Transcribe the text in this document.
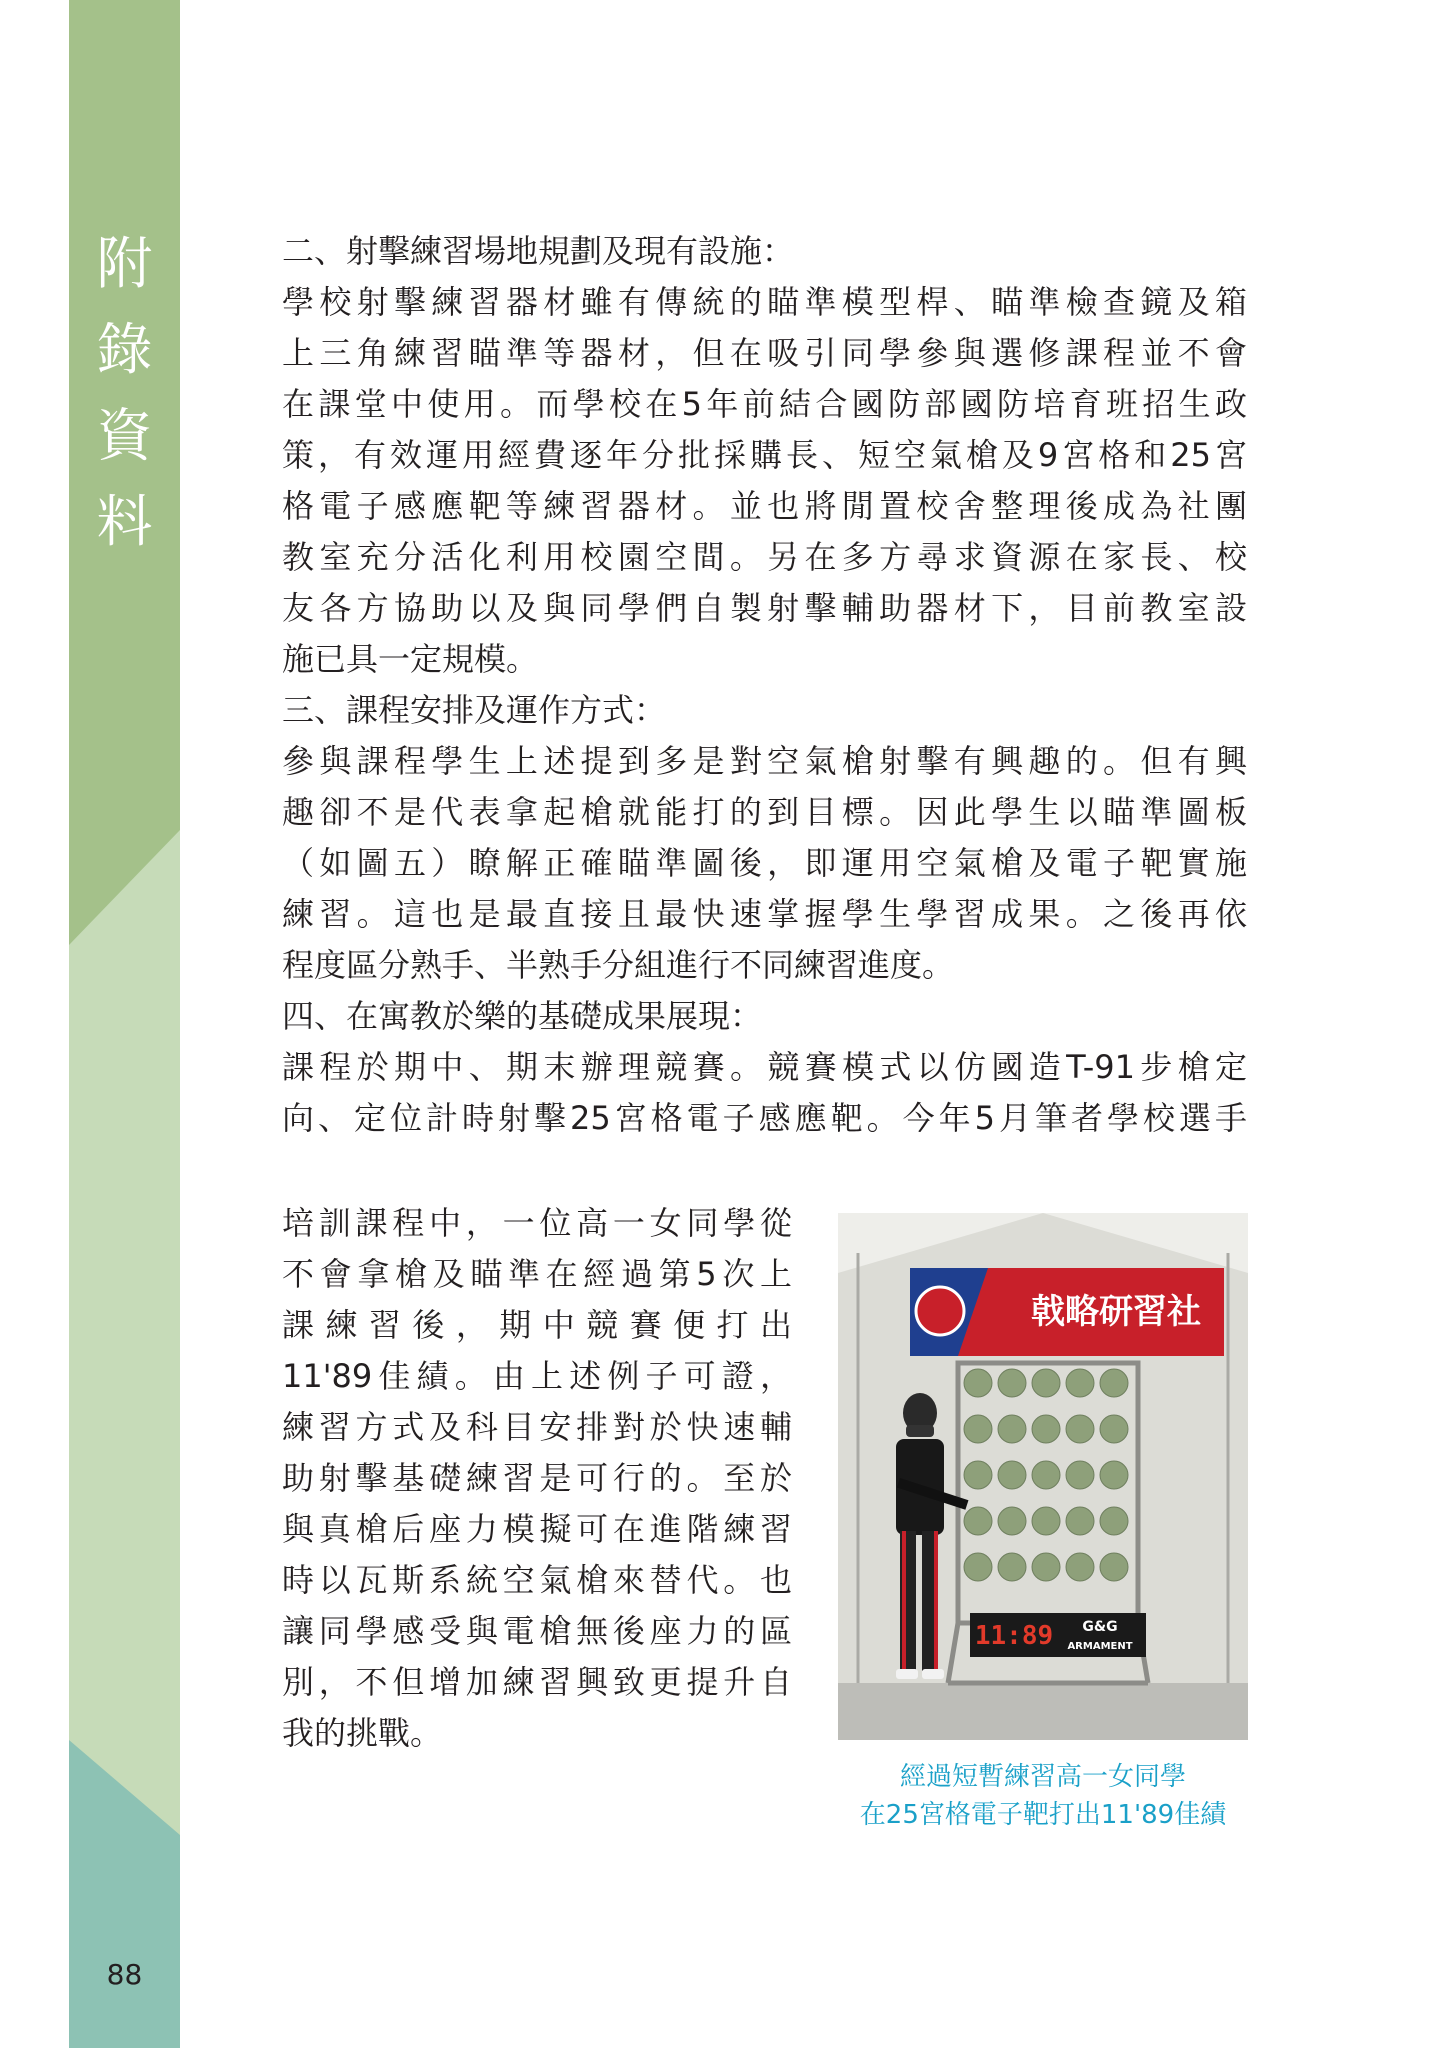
附
錄
資
料
88

二、射擊練習場地規劃及現有設施：

學校射擊練習器材雖有傳統的瞄準模型桿、瞄準檢查鏡及箱

上三角練習瞄準等器材，但在吸引同學參與選修課程並不會

在課堂中使用。而學校在5年前結合國防部國防培育班招生政

策，有效運用經費逐年分批採購長、短空氣槍及9宮格和25宮

格電子感應靶等練習器材。並也將閒置校舍整理後成為社團

教室充分活化利用校園空間。另在多方尋求資源在家長、校

友各方協助以及與同學們自製射擊輔助器材下，目前教室設

施已具一定規模。

三、課程安排及運作方式：

參與課程學生上述提到多是對空氣槍射擊有興趣的。但有興

趣卻不是代表拿起槍就能打的到目標。因此學生以瞄準圖板

（如圖五）瞭解正確瞄準圖後，即運用空氣槍及電子靶實施

練習。這也是最直接且最快速掌握學生學習成果。之後再依

程度區分熟手、半熟手分組進行不同練習進度。

四、在寓教於樂的基礎成果展現：

課程於期中、期末辦理競賽。競賽模式以仿國造T-91步槍定

向、定位計時射擊25宮格電子感應靶。今年5月筆者學校選手

培訓課程中，一位高一女同學從

不會拿槍及瞄準在經過第5次上

課練習後，期中競賽便打出

11'89佳績。由上述例子可證，

練習方式及科目安排對於快速輔

助射擊基礎練習是可行的。至於

與真槍后座力模擬可在進階練習

時以瓦斯系統空氣槍來替代。也

讓同學感受與電槍無後座力的區

別，不但增加練習興致更提升自

我的挑戰。

戟略研習社
11:89 G&G
ARMAMENT
經過短暫練習高一女同學
在25宮格電子靶打出11'89佳績
